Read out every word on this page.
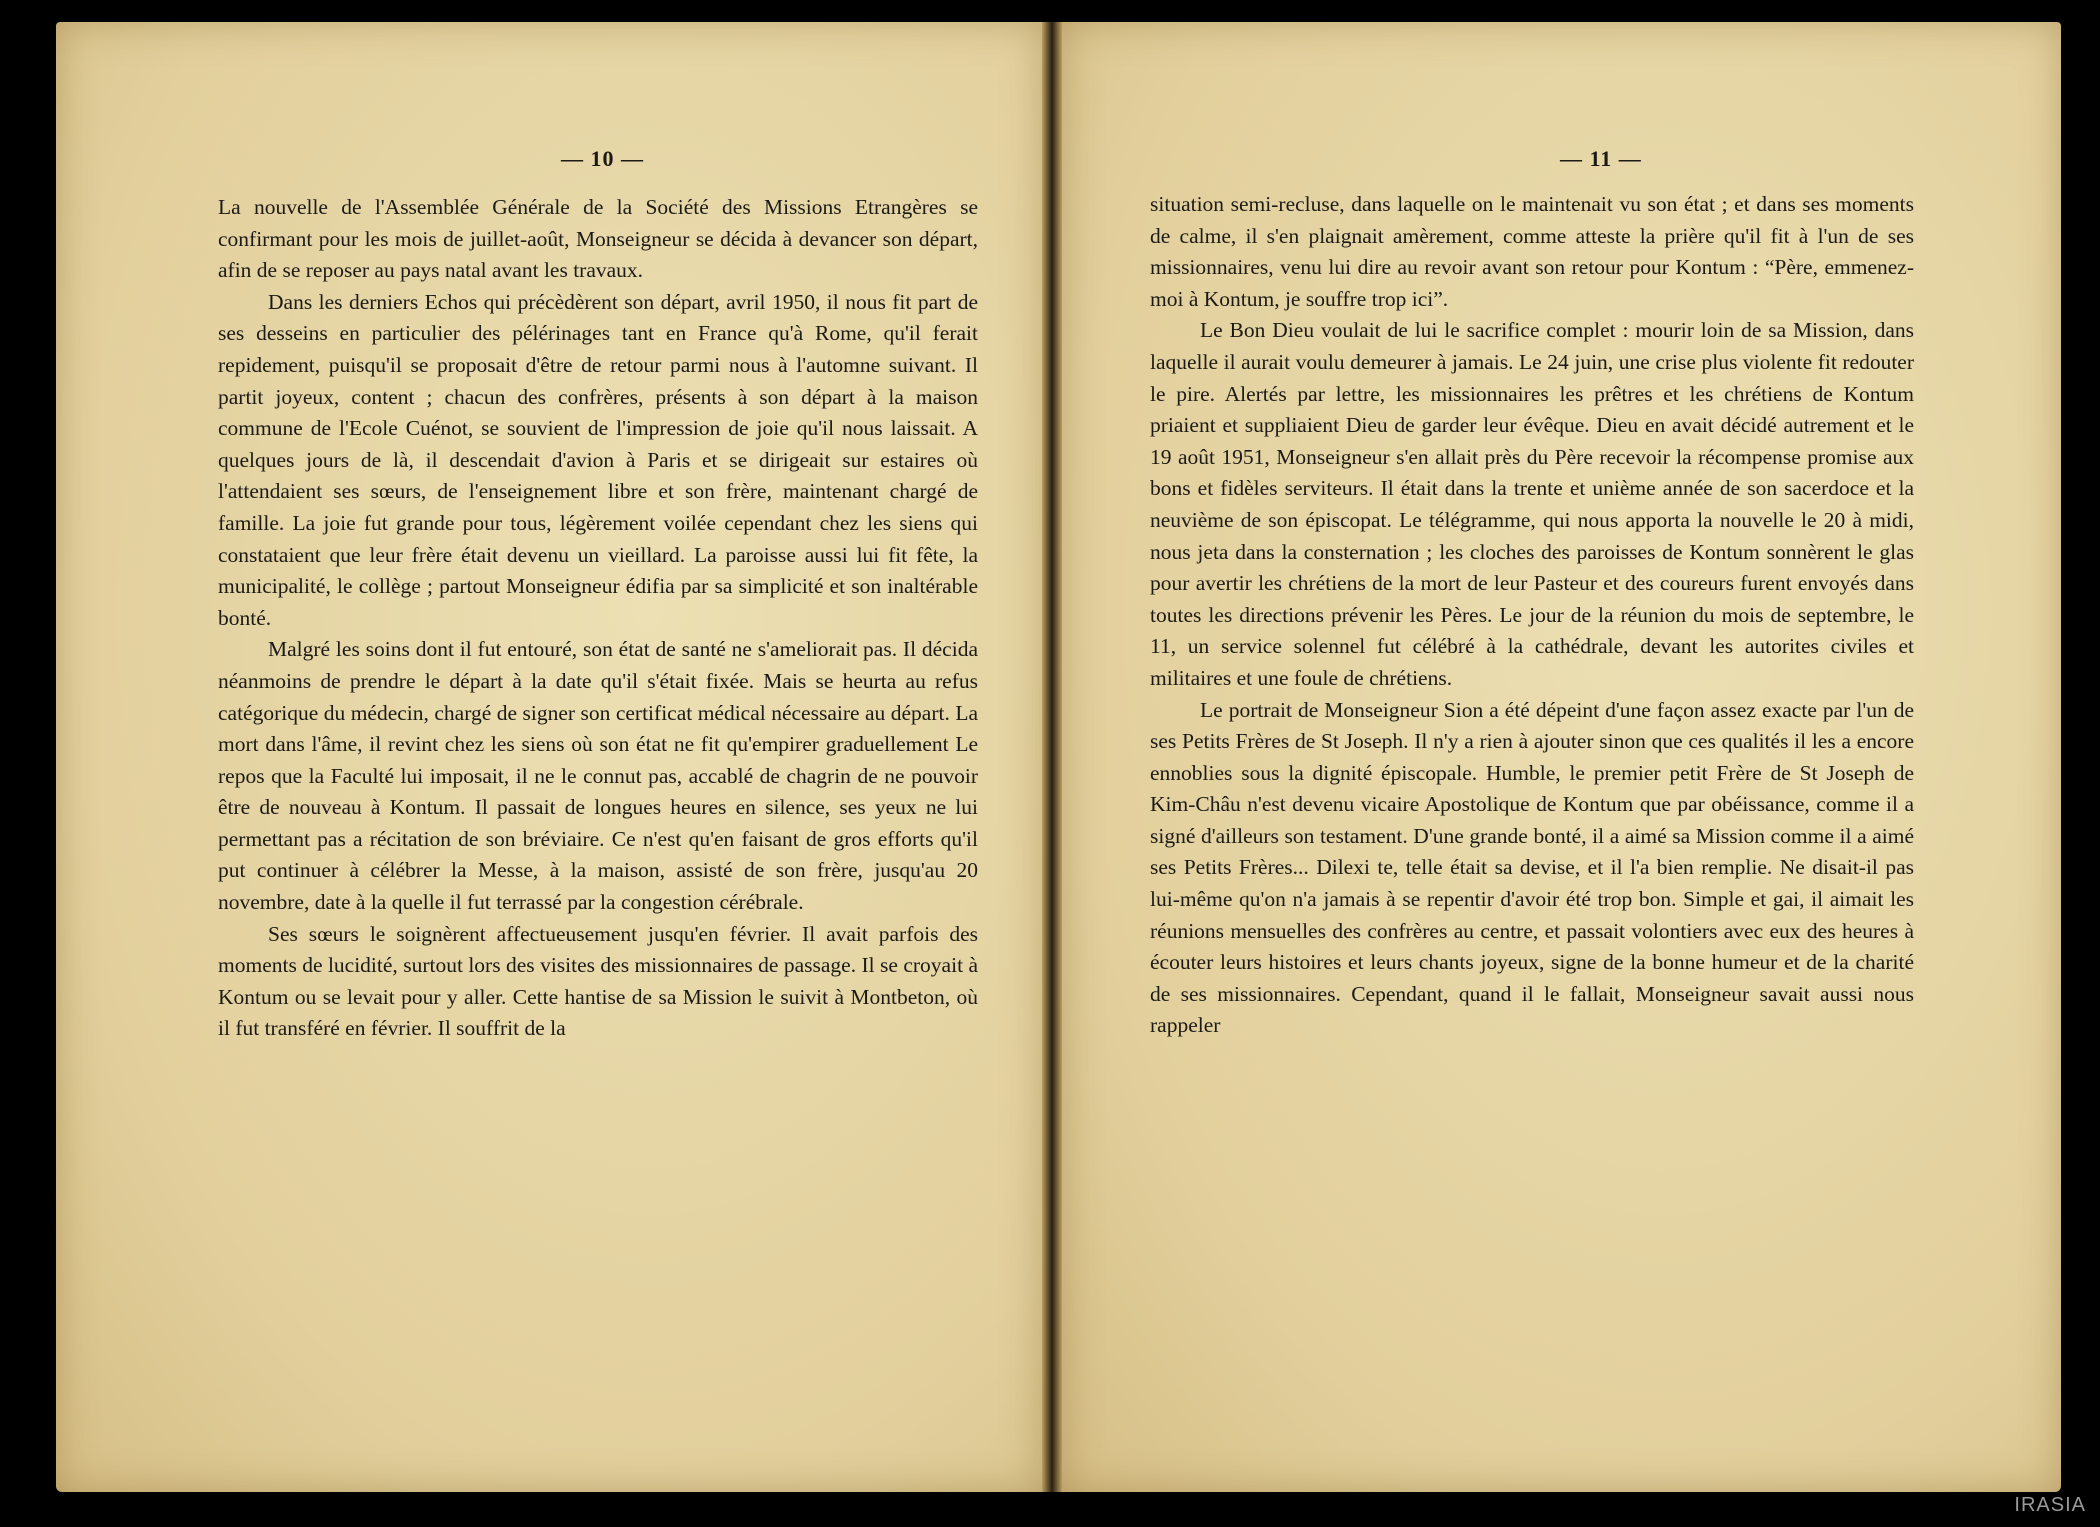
— 10 —

La nouvelle de l'Assemblée Générale de la Société des Missions Etrangères se confirmant pour les mois de juillet-août, Monseigneur se décida à devancer son départ, afin de se reposer au pays natal avant les travaux.

Dans les derniers Echos qui précèdèrent son départ, avril 1950, il nous fit part de ses desseins en particulier des pélérinages tant en France qu'à Rome, qu'il ferait repidement, puisqu'il se proposait d'être de retour parmi nous à l'automne suivant. Il partit joyeux, content ; chacun des confrères, présents à son départ à la maison commune de l'Ecole Cuénot, se souvient de l'impression de joie qu'il nous laissait. A quelques jours de là, il descendait d'avion à Paris et se dirigeait sur estaires où l'attendaient ses sœurs, de l'enseignement libre et son frère, maintenant chargé de famille. La joie fut grande pour tous, légèrement voilée cependant chez les siens qui constataient que leur frère était devenu un vieillard. La paroisse aussi lui fit fête, la municipalité, le collège ; partout Monseigneur édifia par sa simplicité et son inaltérable bonté.

Malgré les soins dont il fut entouré, son état de santé ne s'ameliorait pas. Il décida néanmoins de prendre le départ à la date qu'il s'était fixée. Mais se heurta au refus catégorique du médecin, chargé de signer son certificat médical nécessaire au départ. La mort dans l'âme, il revint chez les siens où son état ne fit qu'empirer graduellement Le repos que la Faculté lui imposait, il ne le connut pas, accablé de chagrin de ne pouvoir être de nouveau à Kontum. Il passait de longues heures en silence, ses yeux ne lui permettant pas a récitation de son bréviaire. Ce n'est qu'en faisant de gros efforts qu'il put continuer à célébrer la Messe, à la maison, assisté de son frère, jusqu'au 20 novembre, date à la quelle il fut terrassé par la congestion cérébrale.

Ses sœurs le soignèrent affectueusement jusqu'en février. Il avait parfois des moments de lucidité, surtout lors des visites des missionnaires de passage. Il se croyait à Kontum ou se levait pour y aller. Cette hantise de sa Mission le suivit à Montbeton, où il fut transféré en février. Il souffrit de la

— 11 —

situation semi-recluse, dans laquelle on le maintenait vu son état ; et dans ses moments de calme, il s'en plaignait amèrement, comme atteste la prière qu'il fit à l'un de ses missionnaires, venu lui dire au revoir avant son retour pour Kontum : “Père, emmenez-moi à Kontum, je souffre trop ici”.

Le Bon Dieu voulait de lui le sacrifice complet : mourir loin de sa Mission, dans laquelle il aurait voulu demeurer à jamais. Le 24 juin, une crise plus violente fit redouter le pire. Alertés par lettre, les missionnaires les prêtres et les chrétiens de Kontum priaient et suppliaient Dieu de garder leur évêque. Dieu en avait décidé autrement et le 19 août 1951, Monseigneur s'en allait près du Père recevoir la récompense promise aux bons et fidèles serviteurs. Il était dans la trente et unième année de son sacerdoce et la neuvième de son épiscopat. Le télégramme, qui nous apporta la nouvelle le 20 à midi, nous jeta dans la consternation ; les cloches des paroisses de Kontum sonnèrent le glas pour avertir les chrétiens de la mort de leur Pasteur et des coureurs furent envoyés dans toutes les directions prévenir les Pères. Le jour de la réunion du mois de septembre, le 11, un service solennel fut célébré à la cathédrale, devant les autorites civiles et militaires et une foule de chrétiens.

Le portrait de Monseigneur Sion a été dépeint d'une façon assez exacte par l'un de ses Petits Frères de St Joseph. Il n'y a rien à ajouter sinon que ces qualités il les a encore ennoblies sous la dignité épiscopale. Humble, le premier petit Frère de St Joseph de Kim-Châu n'est devenu vicaire Apostolique de Kontum que par obéissance, comme il a signé d'ailleurs son testament. D'une grande bonté, il a aimé sa Mission comme il a aimé ses Petits Frères... Dilexi te, telle était sa devise, et il l'a bien remplie. Ne disait-il pas lui-même qu'on n'a jamais à se repentir d'avoir été trop bon. Simple et gai, il aimait les réunions mensuelles des confrères au centre, et passait volontiers avec eux des heures à écouter leurs histoires et leurs chants joyeux, signe de la bonne humeur et de la charité de ses missionnaires. Cependant, quand il le fallait, Monseigneur savait aussi nous rappeler

IRASIA
